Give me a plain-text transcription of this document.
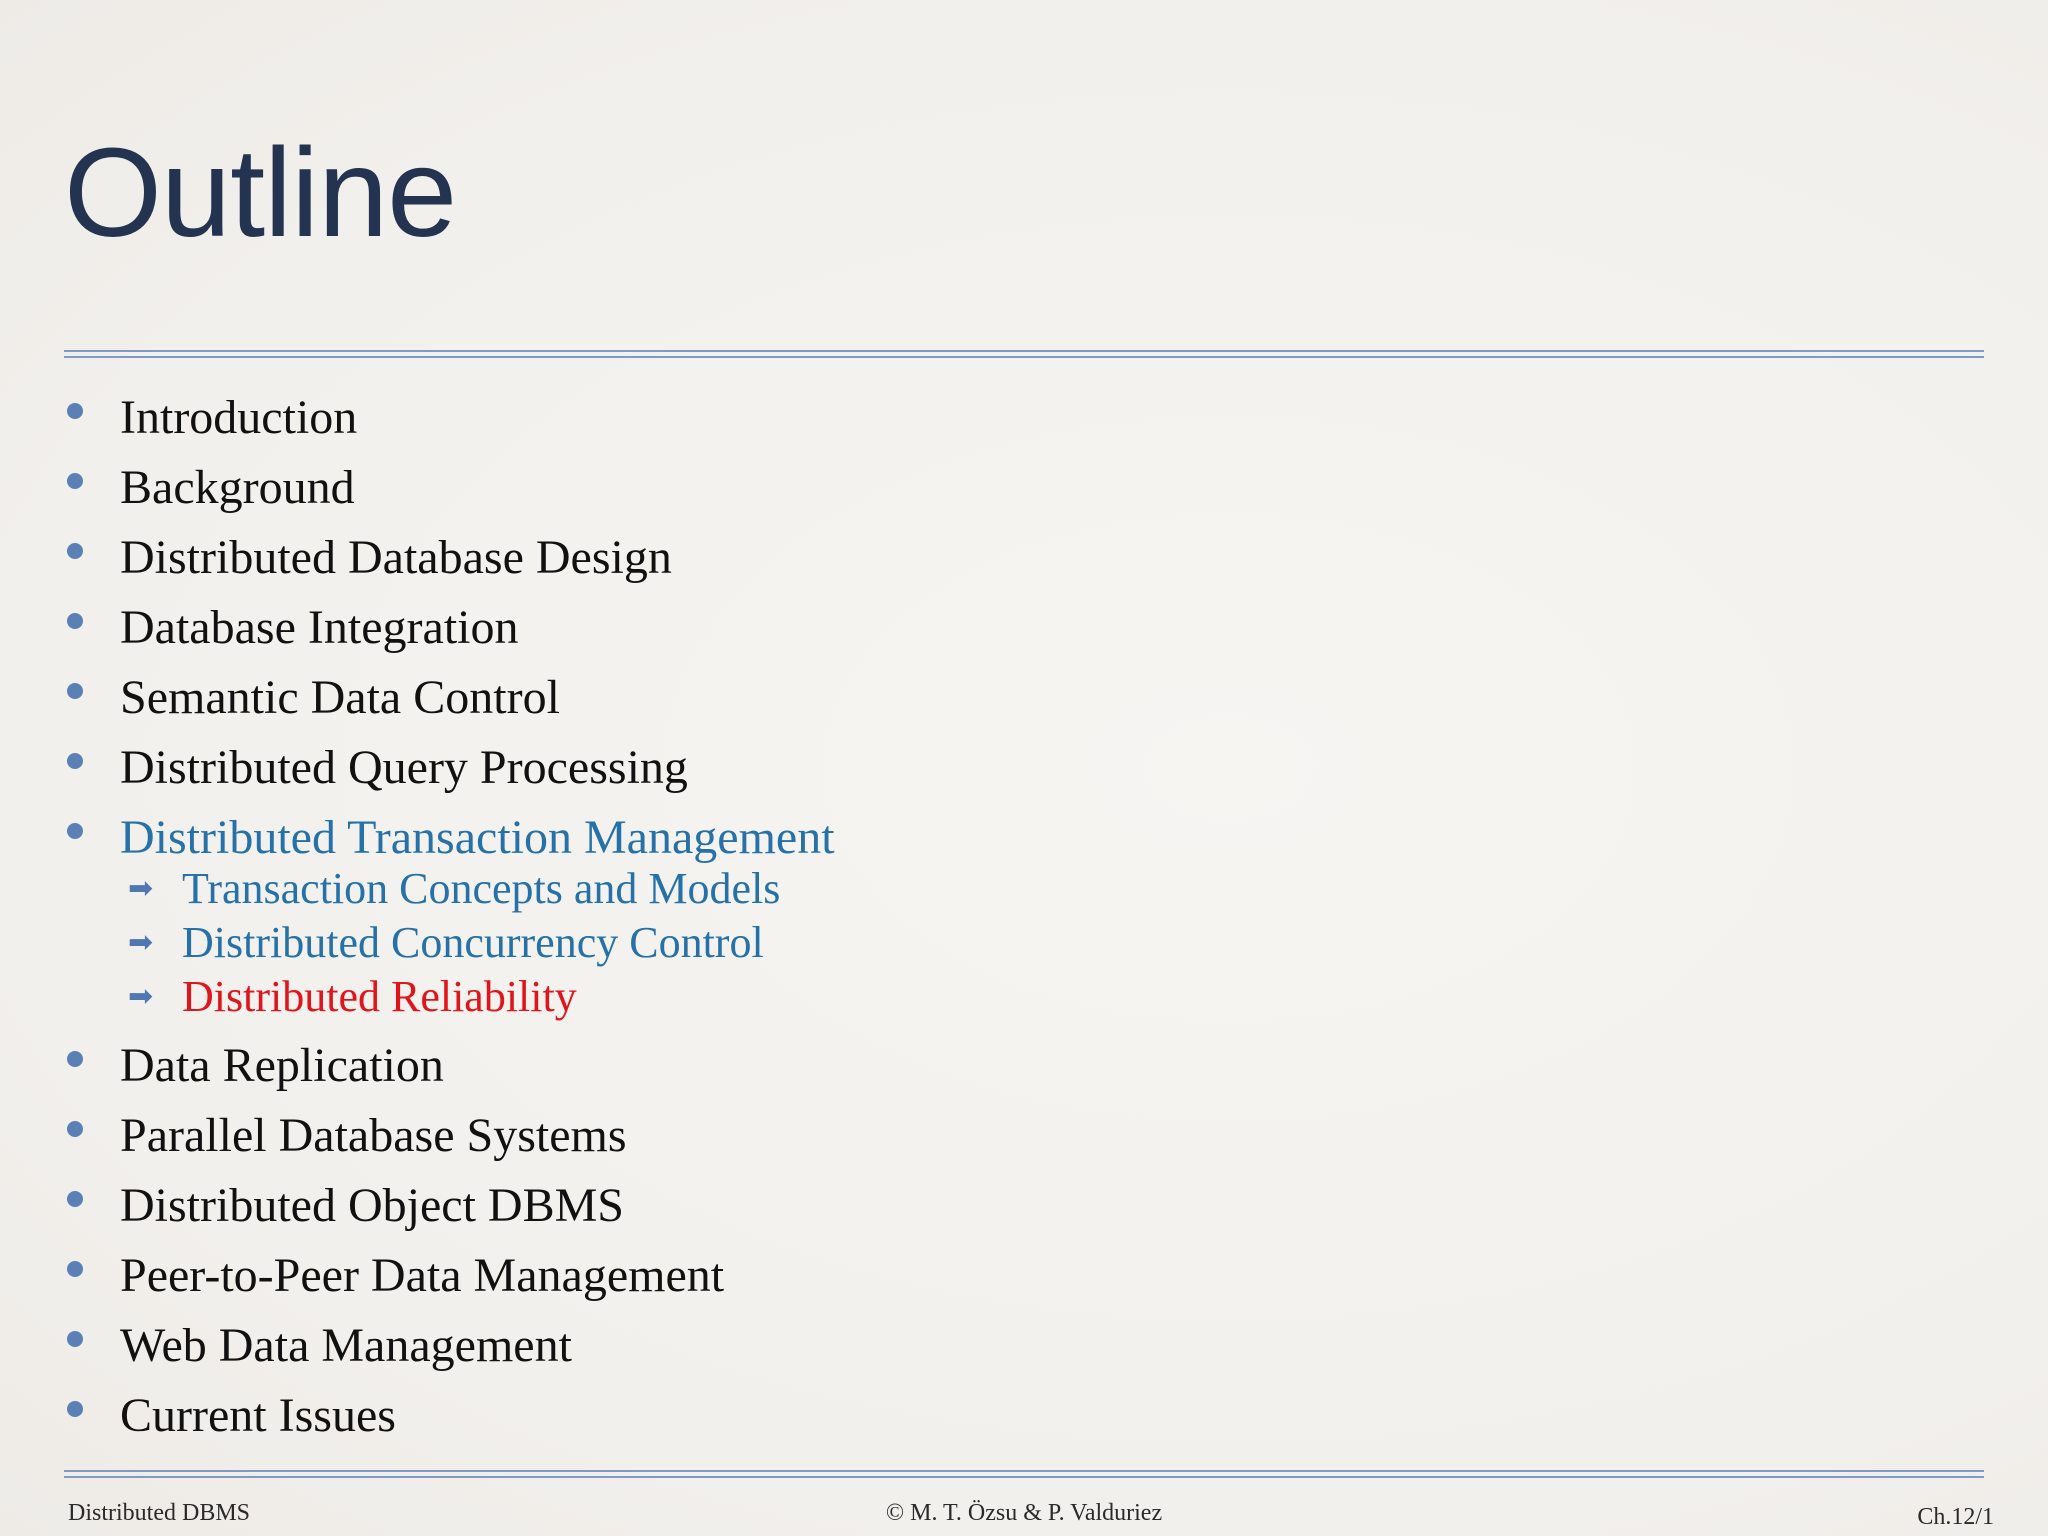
Outline
Introduction
Background
Distributed Database Design
Database Integration
Semantic Data Control
Distributed Query Processing
Distributed Transaction Management
➡ Transaction Concepts and Models
➡ Distributed Concurrency Control
➡ Distributed Reliability
Data Replication
Parallel Database Systems
Distributed Object DBMS
Peer-to-Peer Data Management
Web Data Management
Current Issues
Distributed DBMS	© M. T. Özsu & P. Valduriez	Ch.12/1
